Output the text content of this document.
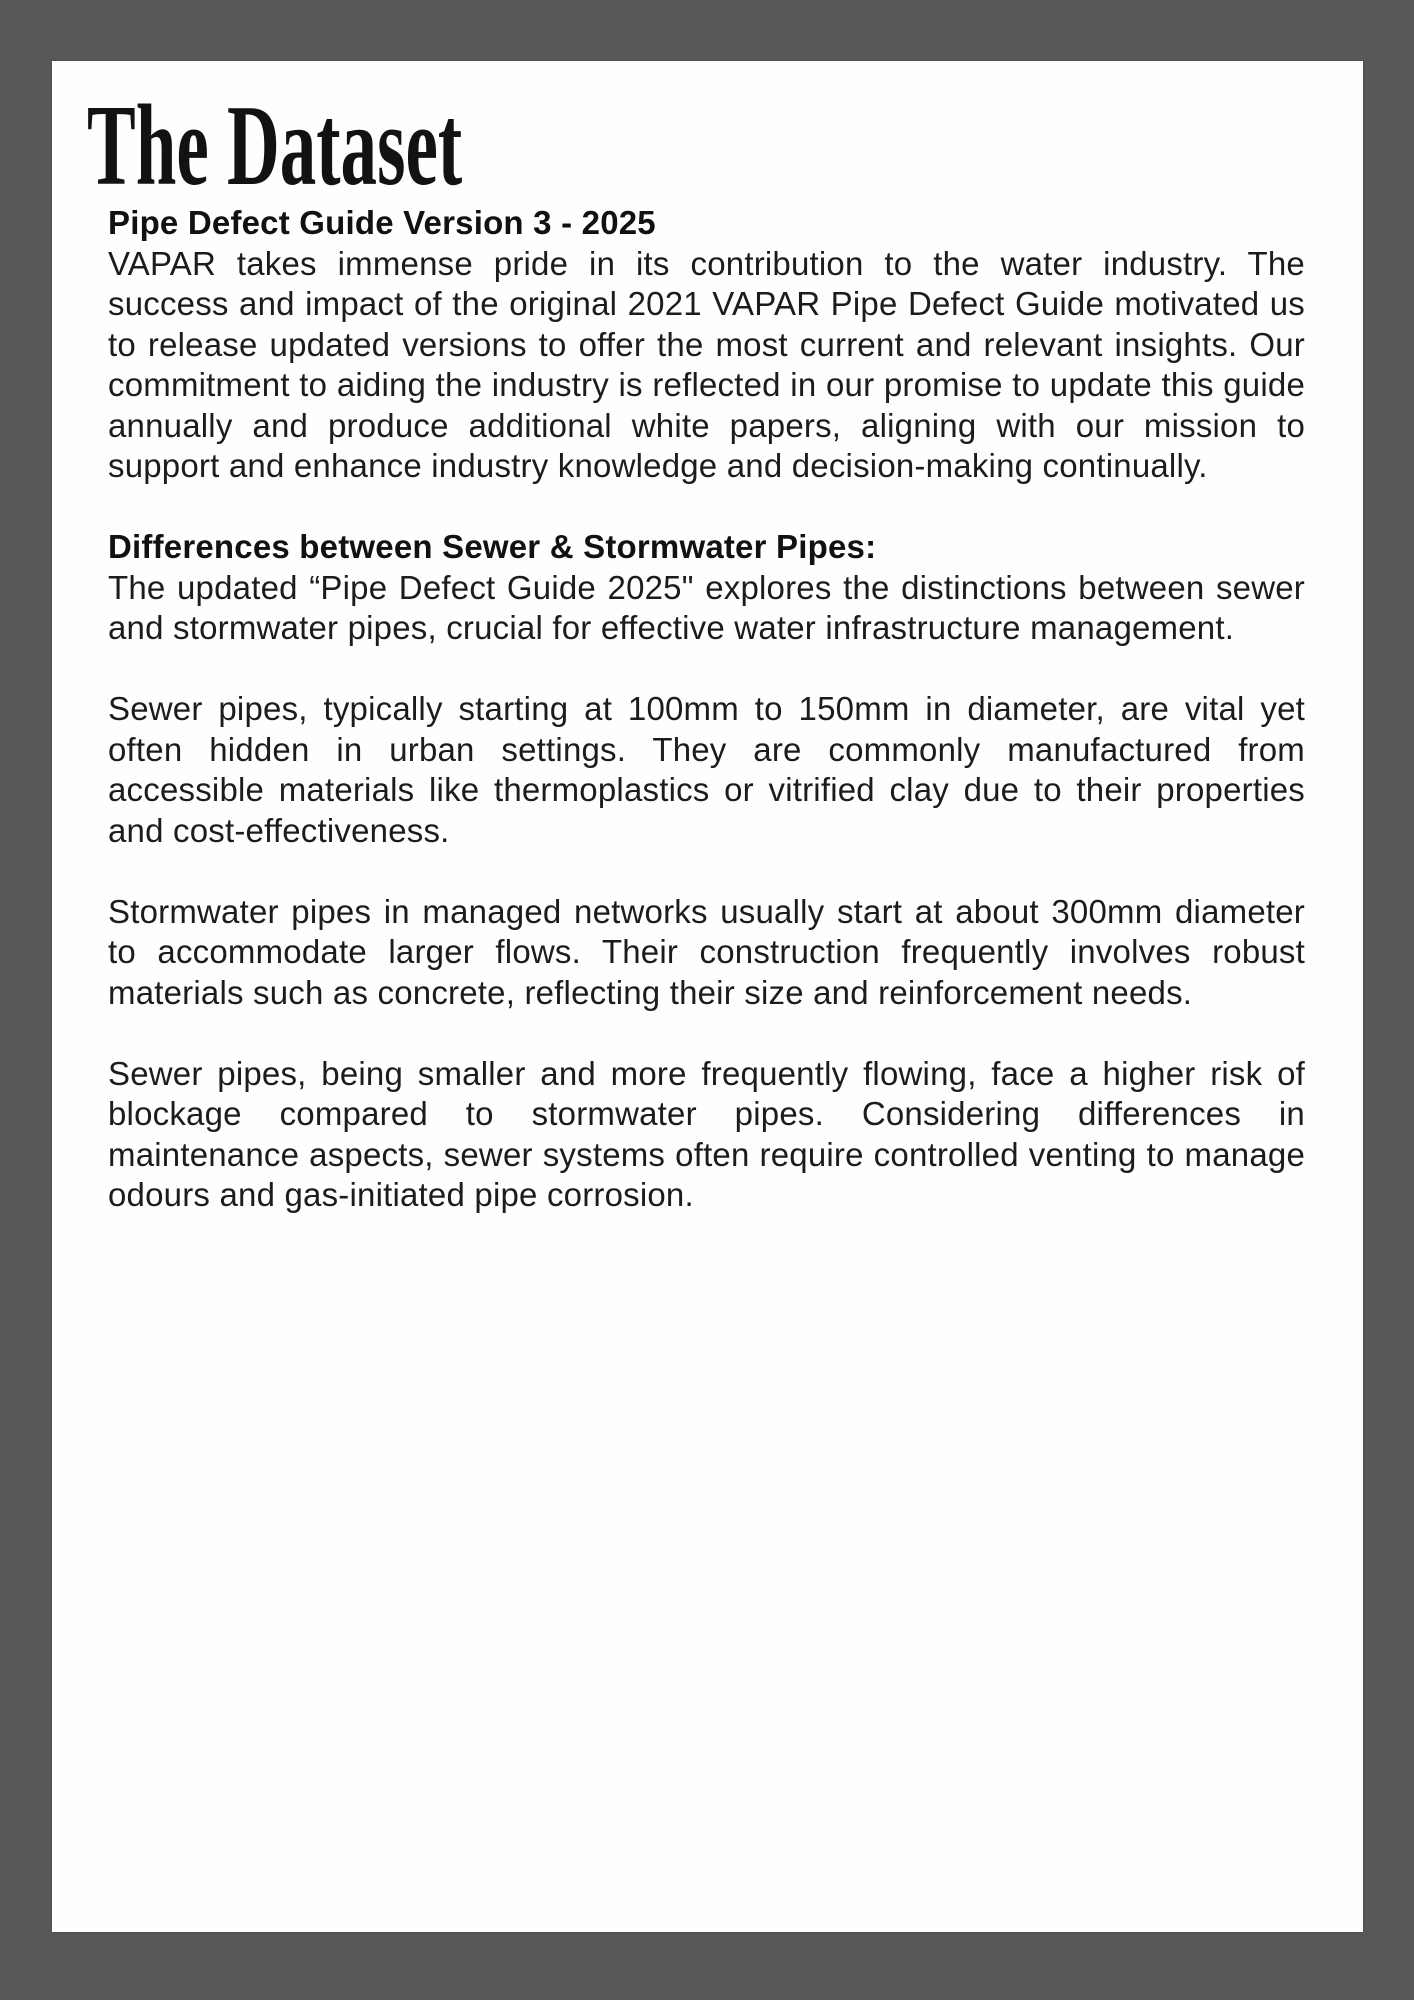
The Dataset

Pipe Defect Guide Version 3 - 2025

VAPAR takes immense pride in its contribution to the water industry. The success and impact of the original 2021 VAPAR Pipe Defect Guide motivated us to release updated versions to offer the most current and relevant insights. Our commitment to aiding the industry is reflected in our promise to update this guide annually and produce additional white papers, aligning with our mission to support and enhance industry knowledge and decision-making continually.

Differences between Sewer & Stormwater Pipes:

The updated “Pipe Defect Guide 2025" explores the distinctions between sewer and stormwater pipes, crucial for effective water infrastructure management.

Sewer pipes, typically starting at 100mm to 150mm in diameter, are vital yet often hidden in urban settings. They are commonly manufactured from accessible materials like thermoplastics or vitrified clay due to their properties and cost-effectiveness.

Stormwater pipes in managed networks usually start at about 300mm diameter to accommodate larger flows. Their construction frequently involves robust materials such as concrete, reflecting their size and reinforcement needs.

Sewer pipes, being smaller and more frequently flowing, face a higher risk of blockage compared to stormwater pipes. Considering differences in maintenance aspects, sewer systems often require controlled venting to manage odours and gas-initiated pipe corrosion.
